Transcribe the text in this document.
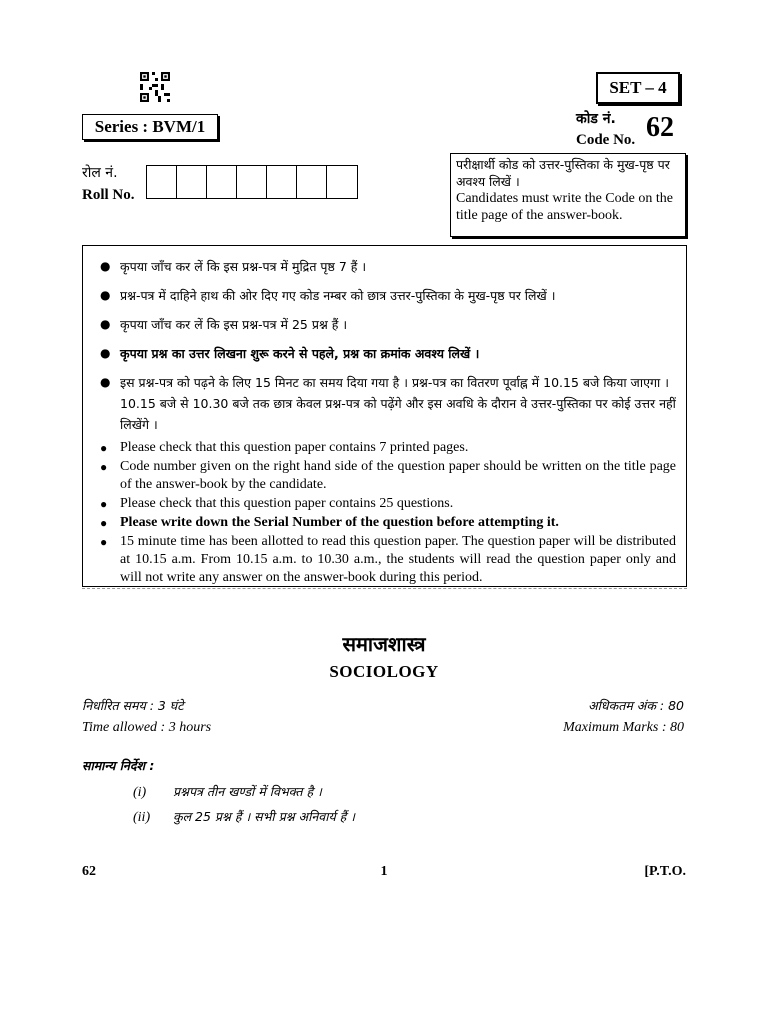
SET – 4
Series : BVM/1	कोड नं.
Code No. 62
रोल नं.
Roll No.
परीक्षार्थी कोड को उत्तर-पुस्तिका के मुख-पृष्ठ पर अवश्य लिखें ।
Candidates must write the Code on the title page of the answer-book.
● कृपया जाँच कर लें कि इस प्रश्न-पत्र में मुद्रित पृष्ठ 7 हैं ।
● प्रश्न-पत्र में दाहिने हाथ की ओर दिए गए कोड नम्बर को छात्र उत्तर-पुस्तिका के मुख-पृष्ठ पर लिखें ।
● कृपया जाँच कर लें कि इस प्रश्न-पत्र में 25 प्रश्न हैं ।
● कृपया प्रश्न का उत्तर लिखना शुरू करने से पहले, प्रश्न का क्रमांक अवश्य लिखें ।
● इस प्रश्न-पत्र को पढ़ने के लिए 15 मिनट का समय दिया गया है । प्रश्न-पत्र का वितरण पूर्वाह्न में 10.15 बजे किया जाएगा । 10.15 बजे से 10.30 बजे तक छात्र केवल प्रश्न-पत्र को पढ़ेंगे और इस अवधि के दौरान वे उत्तर-पुस्तिका पर कोई उत्तर नहीं लिखेंगे ।
● Please check that this question paper contains 7 printed pages.
● Code number given on the right hand side of the question paper should be written on the title page of the answer-book by the candidate.
● Please check that this question paper contains 25 questions.
● Please write down the Serial Number of the question before attempting it.
● 15 minute time has been allotted to read this question paper. The question paper will be distributed at 10.15 a.m. From 10.15 a.m. to 10.30 a.m., the students will read the question paper only and will not write any answer on the answer-book during this period.
समाजशास्त्र
SOCIOLOGY
निर्धारित समय : 3 घंटे
Time allowed : 3 hours
अधिकतम अंक : 80
Maximum Marks : 80
सामान्य निर्देश :
(i) प्रश्नपत्र तीन खण्डों में विभक्त है ।
(ii) कुल 25 प्रश्न हैं । सभी प्रश्न अनिवार्य हैं ।
62	1	[P.T.O.
